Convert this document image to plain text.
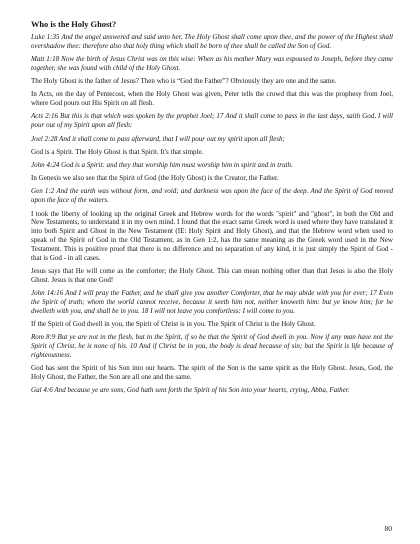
Who is the Holy Ghost?
Luke 1:35 And the angel answered and said unto her, The Holy Ghost shall come upon thee, and the power of the Highest shall overshadow thee: therefore also that holy thing which shall be born of thee shall be called the Son of God.
Matt 1:18 Now the birth of Jesus Christ was on this wise: When as his mother Mary was espoused to Joseph, before they came together, she was found with child of the Holy Ghost.
The Holy Ghost is the father of Jesus? Then who is “God the Father”? Obviously they are one and the same.
In Acts, on the day of Pentecost, when the Holy Ghost was given, Peter tells the crowd that this was the prophesy from Joel, where God pours out His Spirit on all flesh.
Acts 2:16 But this is that which was spoken by the prophet Joel; 17 And it shall come to pass in the last days, saith God, I will pour out of my Spirit upon all flesh:
Joel 2:28 And it shall come to pass afterward, that I will pour out my spirit upon all flesh;
God is a Spirit. The Holy Ghost is that Spirit. It's that simple.
John 4:24 God is a Spirit: and they that worship him must worship him in spirit and in truth.
In Genesis we also see that the Spirit of God (the Holy Ghost) is the Creator, the Father.
Gen 1:2 And the earth was without form, and void; and darkness was upon the face of the deep. And the Spirit of God moved upon the face of the waters.
I took the liberty of looking up the original Greek and Hebrew words for the words "spirit" and "ghost", in both the Old and New Testaments, to understand it in my own mind. I found that the exact same Greek word is used where they have translated it into both Spirit and Ghost in the New Testament (IE: Holy Spirit and Holy Ghost), and that the Hebrew word when used to speak of the Spirit of God in the Old Testament, as in Gen 1:2, has the same meaning as the Greek word used in the New Testament. This is positive proof that there is no difference and no separation of any kind, it is just simply the Spirit of God - that is God - in all cases.
Jesus says that He will come as the comforter; the Holy Ghost. This can mean nothing other than that Jesus is also the Holy Ghost. Jesus is that one God!
John 14:16 And I will pray the Father, and he shall give you another Comforter, that he may abide with you for ever; 17 Even the Spirit of truth; whom the world cannot receive, because it seeth him not, neither knoweth him: but ye know him; for he dwelleth with you, and shall be in you. 18 I will not leave you comfortless: I will come to you.
If the Spirit of God dwell in you, the Spirit of Christ is in you. The Spirit of Christ is the Holy Ghost.
Rom 8:9 But ye are not in the flesh, but in the Spirit, if so be that the Spirit of God dwell in you. Now if any man have not the Spirit of Christ, he is none of his. 10 And if Christ be in you, the body is dead because of sin; but the Spirit is life because of righteousness.
God has sent the Spirit of his Son into our hearts. The spirit of the Son is the same spirit as the Holy Ghost. Jesus, God, the Holy Ghost, the Father, the Son are all one and the same.
Gal 4:6 And because ye are sons, God hath sent forth the Spirit of his Son into your hearts, crying, Abba, Father.
80
